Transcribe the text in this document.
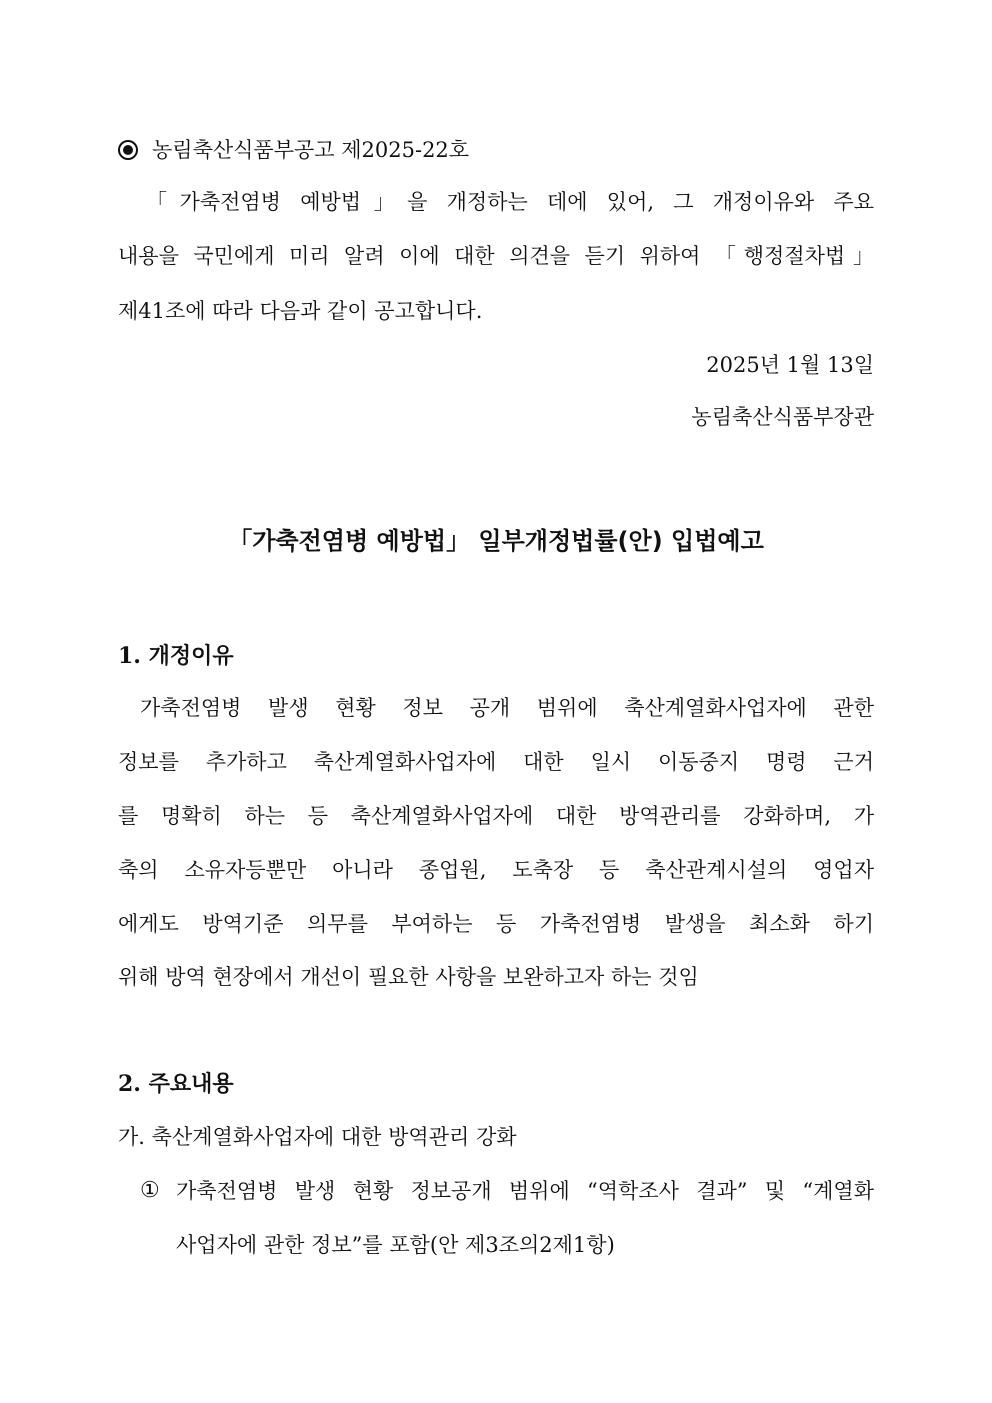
농림축산식품부공고 제2025-22호
「가축전염병 예방법」을 개정하는 데에 있어, 그 개정이유와 주요
내용을 국민에게 미리 알려 이에 대한 의견을 듣기 위하여 「행정절차법」
제41조에 따라 다음과 같이 공고합니다.
2025년 1월 13일
농림축산식품부장관
「가축전염병 예방법」 일부개정법률(안) 입법예고
1. 개정이유
가축전염병 발생 현황 정보 공개 범위에 축산계열화사업자에 관한
정보를 추가하고 축산계열화사업자에 대한 일시 이동중지 명령 근거
를 명확히 하는 등 축산계열화사업자에 대한 방역관리를 강화하며, 가
축의 소유자등뿐만 아니라 종업원, 도축장 등 축산관계시설의 영업자
에게도 방역기준 의무를 부여하는 등 가축전염병 발생을 최소화 하기
위해 방역 현장에서 개선이 필요한 사항을 보완하고자 하는 것임
2. 주요내용
가. 축산계열화사업자에 대한 방역관리 강화
① 가축전염병 발생 현황 정보공개 범위에 “역학조사 결과” 및 “계열화
사업자에 관한 정보”를 포함(안 제3조의2제1항)
